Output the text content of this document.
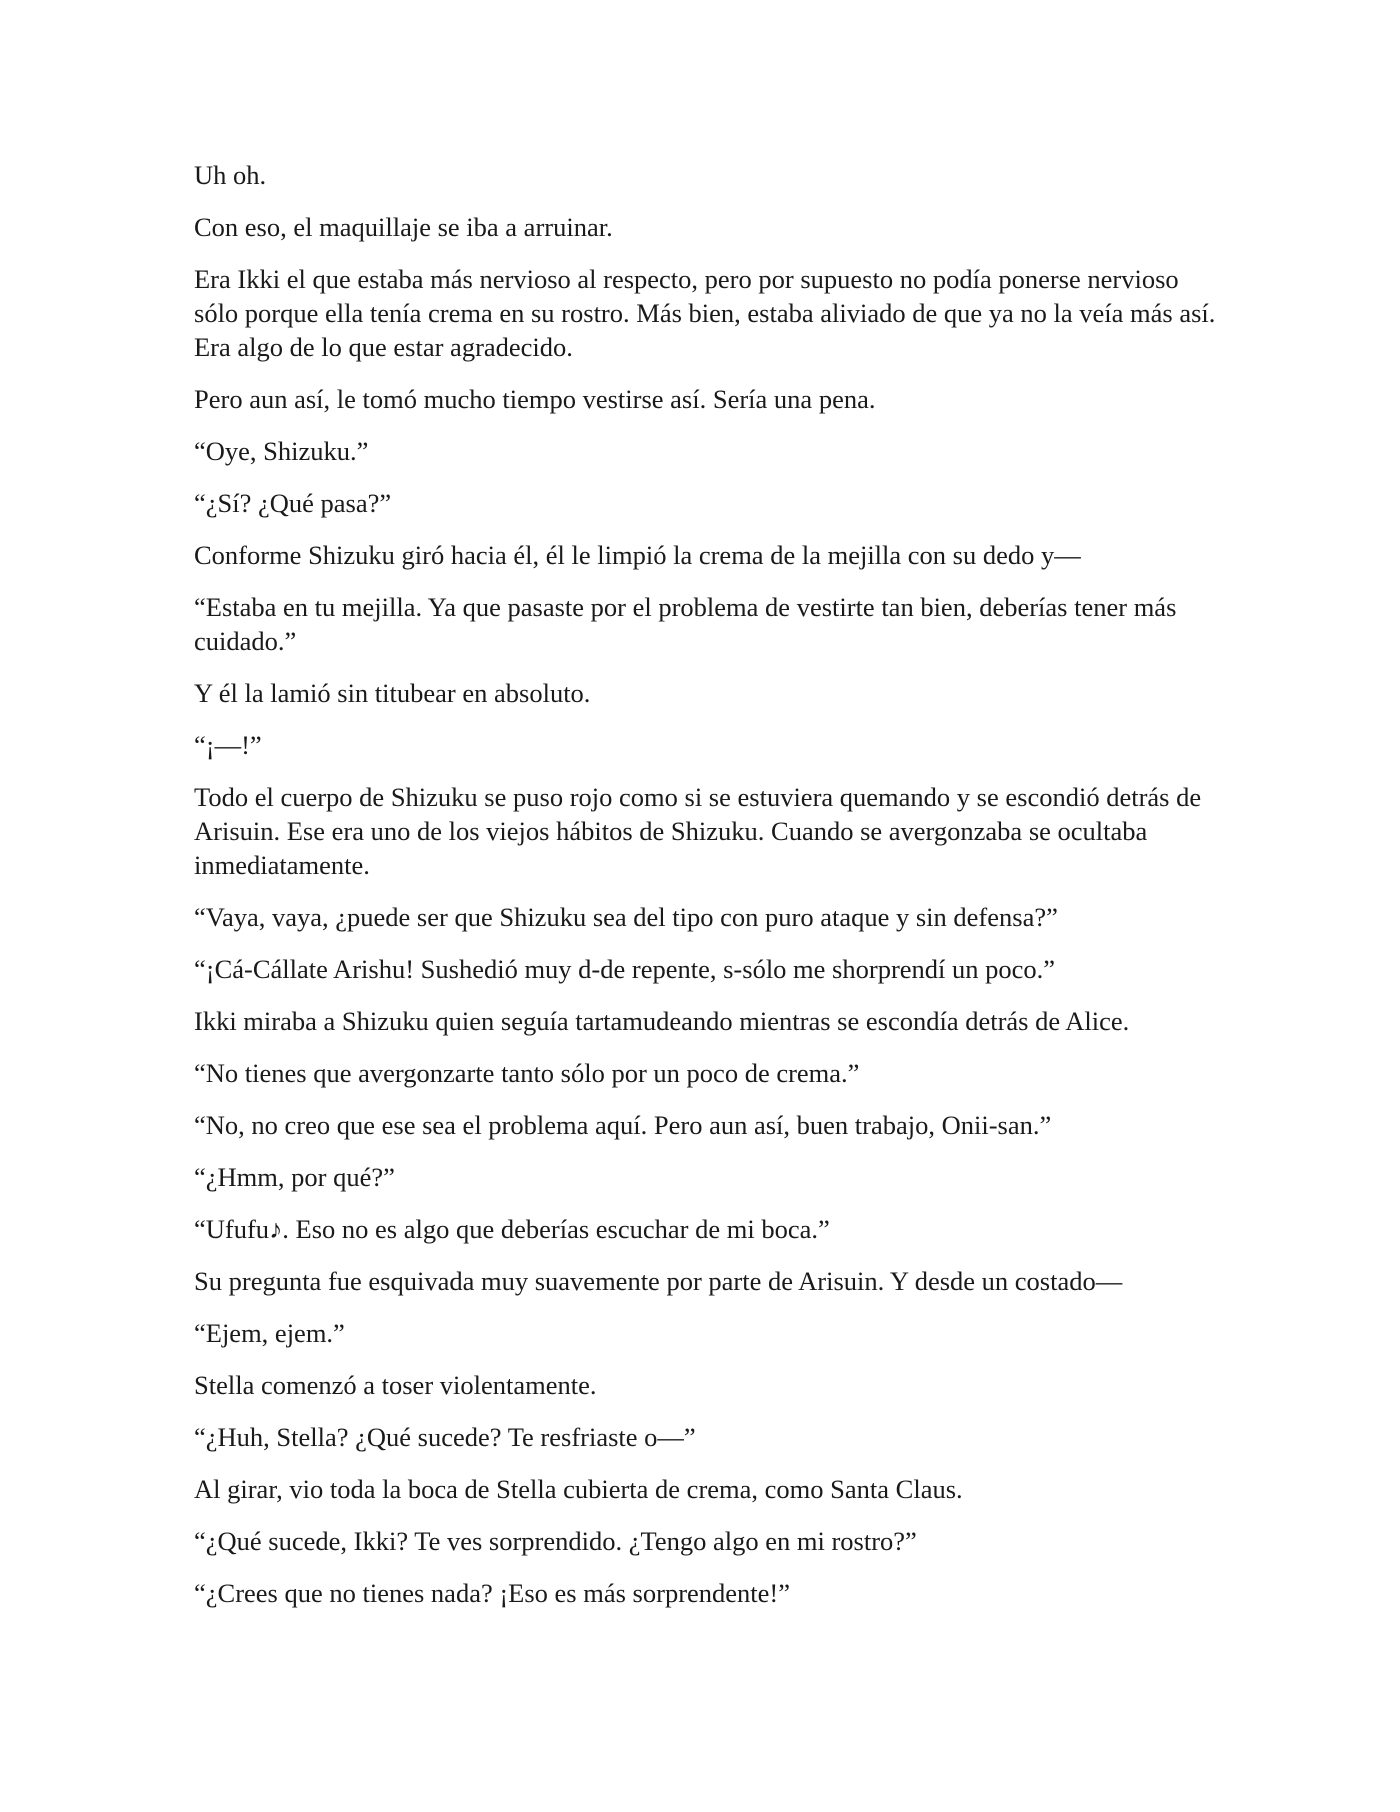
Uh oh.

Con eso, el maquillaje se iba a arruinar.

Era Ikki el que estaba más nervioso al respecto, pero por supuesto no podía ponerse nervioso sólo porque ella tenía crema en su rostro. Más bien, estaba aliviado de que ya no la veía más así. Era algo de lo que estar agradecido.

Pero aun así, le tomó mucho tiempo vestirse así. Sería una pena.

“Oye, Shizuku.”

“¿Sí? ¿Qué pasa?”

Conforme Shizuku giró hacia él, él le limpió la crema de la mejilla con su dedo y—

“Estaba en tu mejilla. Ya que pasaste por el problema de vestirte tan bien, deberías tener más cuidado.”

Y él la lamió sin titubear en absoluto.

“¡—!”

Todo el cuerpo de Shizuku se puso rojo como si se estuviera quemando y se escondió detrás de Arisuin. Ese era uno de los viejos hábitos de Shizuku. Cuando se avergonzaba se ocultaba inmediatamente.

“Vaya, vaya, ¿puede ser que Shizuku sea del tipo con puro ataque y sin defensa?”

“¡Cá-Cállate Arishu! Sushedió muy d-de repente, s-sólo me shorprendí un poco.”

Ikki miraba a Shizuku quien seguía tartamudeando mientras se escondía detrás de Alice.

“No tienes que avergonzarte tanto sólo por un poco de crema.”

“No, no creo que ese sea el problema aquí. Pero aun así, buen trabajo, Onii-san.”

“¿Hmm, por qué?”

“Ufufu♪. Eso no es algo que deberías escuchar de mi boca.”

Su pregunta fue esquivada muy suavemente por parte de Arisuin. Y desde un costado—

“Ejem, ejem.”

Stella comenzó a toser violentamente.

“¿Huh, Stella? ¿Qué sucede? Te resfriaste o—”

Al girar, vio toda la boca de Stella cubierta de crema, como Santa Claus.

“¿Qué sucede, Ikki? Te ves sorprendido. ¿Tengo algo en mi rostro?”

“¿Crees que no tienes nada? ¡Eso es más sorprendente!”
